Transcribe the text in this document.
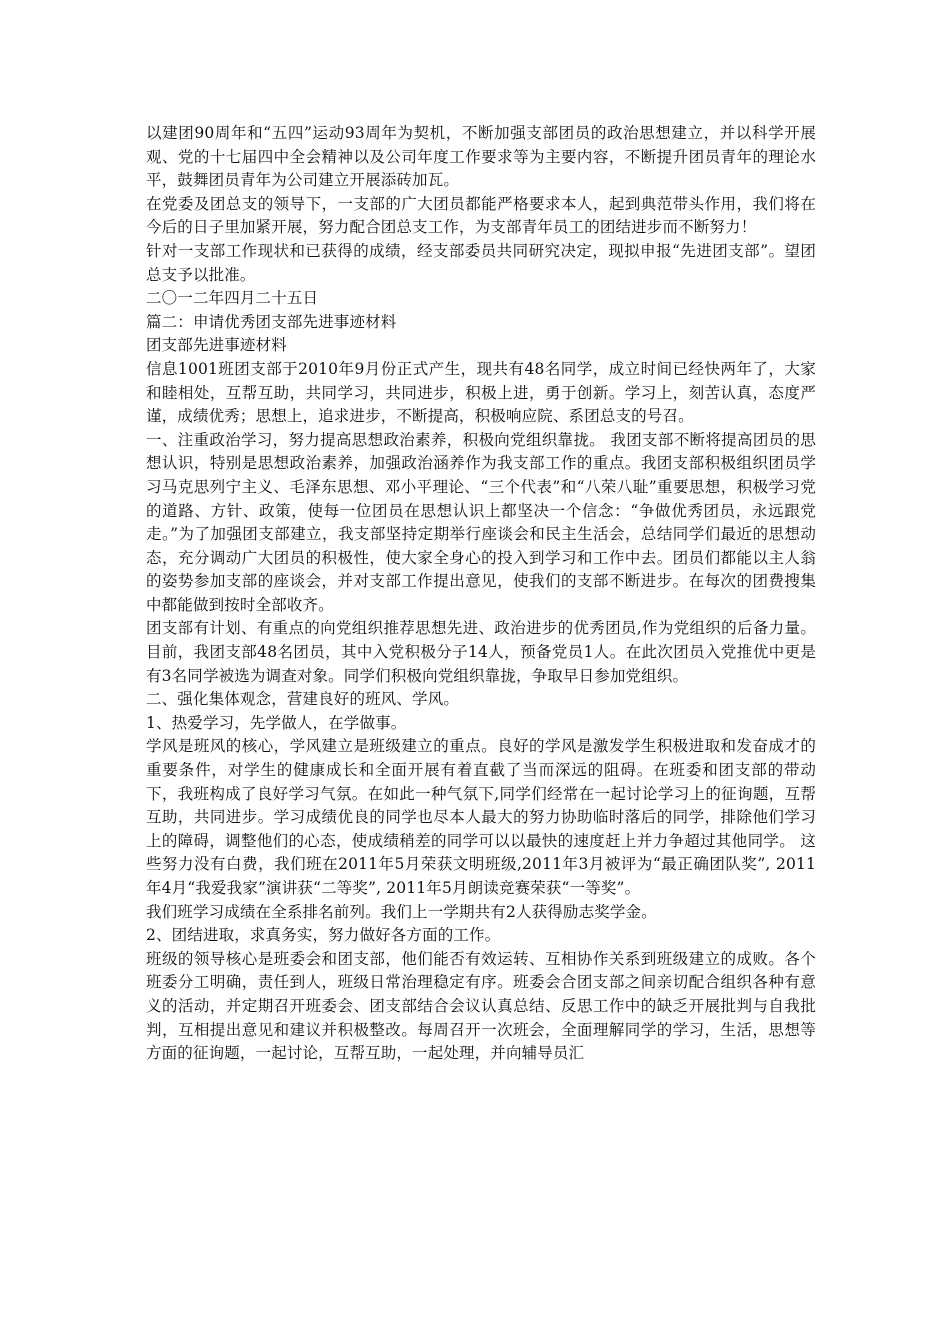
以建团90周年和“五四”运动93周年为契机，不断加强支部团员的政治思想建立，并以科学开展观、党的十七届四中全会精神以及公司年度工作要求等为主要内容，不断提升团员青年的理论水平，鼓舞团员青年为公司建立开展添砖加瓦。

在党委及团总支的领导下，一支部的广大团员都能严格要求本人，起到典范带头作用，我们将在今后的日子里加紧开展，努力配合团总支工作，为支部青年员工的团结进步而不断努力！

针对一支部工作现状和已获得的成绩，经支部委员共同研究决定，现拟申报“先进团支部”。望团总支予以批准。

二〇一二年四月二十五日

篇二：申请优秀团支部先进事迹材料

团支部先进事迹材料

信息1001班团支部于2010年9月份正式产生，现共有48名同学，成立时间已经快两年了，大家和睦相处，互帮互助，共同学习，共同进步，积极上进，勇于创新。学习上，刻苦认真，态度严谨，成绩优秀；思想上，追求进步，不断提高，积极响应院、系团总支的号召。

一、注重政治学习，努力提高思想政治素养，积极向党组织靠拢。 我团支部不断将提高团员的思想认识，特别是思想政治素养，加强政治涵养作为我支部工作的重点。我团支部积极组织团员学习马克思列宁主义、毛泽东思想、邓小平理论、“三个代表”和“八荣八耻”重要思想，积极学习党的道路、方针、政策，使每一位团员在思想认识上都坚决一个信念：“争做优秀团员，永远跟党走。”为了加强团支部建立，我支部坚持定期举行座谈会和民主生活会，总结同学们最近的思想动态，充分调动广大团员的积极性，使大家全身心的投入到学习和工作中去。团员们都能以主人翁的姿势参加支部的座谈会，并对支部工作提出意见，使我们的支部不断进步。在每次的团费搜集中都能做到按时全部收齐。

团支部有计划、有重点的向党组织推荐思想先进、政治进步的优秀团员,作为党组织的后备力量。目前，我团支部48名团员，其中入党积极分子14人，预备党员1人。在此次团员入党推优中更是有3名同学被选为调查对象。同学们积极向党组织靠拢，争取早日参加党组织。

二、强化集体观念，营建良好的班风、学风。

1、热爱学习，先学做人，在学做事。

学风是班风的核心，学风建立是班级建立的重点。良好的学风是激发学生积极进取和发奋成才的重要条件，对学生的健康成长和全面开展有着直截了当而深远的阻碍。在班委和团支部的带动下，我班构成了良好学习气氛。在如此一种气氛下,同学们经常在一起讨论学习上的征询题，互帮互助，共同进步。学习成绩优良的同学也尽本人最大的努力协助临时落后的同学，排除他们学习上的障碍，调整他们的心态，使成绩稍差的同学可以以最快的速度赶上并力争超过其他同学。 这些努力没有白费，我们班在2011年5月荣获文明班级,2011年3月被评为“最正确团队奖”, 2011年4月“我爱我家”演讲获“二等奖”, 2011年5月朗读竞赛荣获“一等奖”。

我们班学习成绩在全系排名前列。我们上一学期共有2人获得励志奖学金。

2、团结进取，求真务实，努力做好各方面的工作。

班级的领导核心是班委会和团支部，他们能否有效运转、互相协作关系到班级建立的成败。各个班委分工明确，责任到人，班级日常治理稳定有序。班委会合团支部之间亲切配合组织各种有意义的活动，并定期召开班委会、团支部结合会议认真总结、反思工作中的缺乏开展批判与自我批判，互相提出意见和建议并积极整改。每周召开一次班会，全面理解同学的学习，生活，思想等方面的征询题，一起讨论，互帮互助，一起处理，并向辅导员汇
